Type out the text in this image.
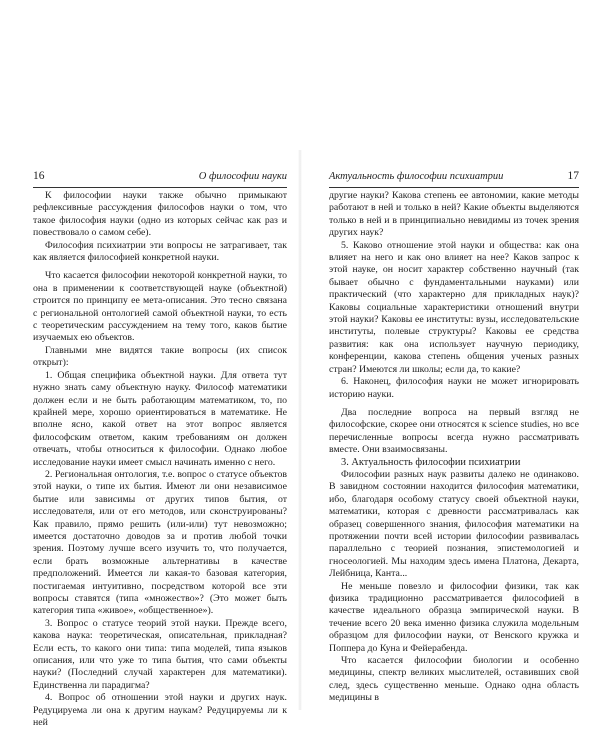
16	О философии науки

К философии науки также обычно примыкают рефлексивные рассуждения философов науки о том, что такое философия науки (одно из которых сейчас как раз и повествовало о самом себе).

Философия психиатрии эти вопросы не затрагивает, так как является философией конкретной науки.

Что касается философии некоторой конкретной науки, то она в применении к соответствующей науке (объектной) строится по принципу ее мета-описания. Это тесно связана с региональной онтологией самой объектной науки, то есть с теоретическим рассуждением на тему того, каков бытие изучаемых ею объектов.

Главными мне видятся такие вопросы (их список открыт):

1. Общая специфика объектной науки. Для ответа тут нужно знать саму объектную науку. Философ математики должен если и не быть работающим математиком, то, по крайней мере, хорошо ориентироваться в математике. Не вполне ясно, какой ответ на этот вопрос является философским ответом, каким требованиям он должен отвечать, чтобы относиться к философии. Однако любое исследование науки имеет смысл начинать именно с него.

2. Региональная онтология, т.е. вопрос о статусе объектов этой науки, о типе их бытия. Имеют ли они независимое бытие или зависимы от других типов бытия, от исследователя, или от его методов, или сконструированы? Как правило, прямо решить (или-или) тут невозможно; имеется достаточно доводов за и против любой точки зрения. Поэтому лучше всего изучить то, что получается, если брать возможные альтернативы в качестве предположений. Имеется ли какая-то базовая категория, постигаемая интуитивно, посредством которой все эти вопросы ставятся (типа «множество»? (Это может быть категория типа «живое», «общественное»).

3. Вопрос о статусе теорий этой науки. Прежде всего, какова наука: теоретическая, описательная, прикладная? Если есть, то какого они типа: типа моделей, типа языков описания, или что уже то типа бытия, что сами объекты науки? (Последний случай характерен для математики). Единственна ли парадигма?

4. Вопрос об отношении этой науки и других наук. Редуцируема ли она к другим наукам? Редуцируемы ли к ней

Актуальность философии психиатрии	17

другие науки? Какова степень ее автономии, какие методы работают в ней и только в ней? Какие объекты выделяются только в ней и в принципиально невидимы из точек зрения других наук?

5. Каково отношение этой науки и общества: как она влияет на него и как оно влияет на нее? Каков запрос к этой науке, он носит характер собственно научный (так бывает обычно с фундаментальными науками) или практический (что характерно для прикладных наук)? Каковы социальные характеристики отношений внутри этой науки? Каковы ее институты: вузы, исследовательские институты, полевые структуры? Каковы ее средства развития: как она использует научную периодику, конференции, какова степень общения ученых разных стран? Имеются ли школы; если да, то какие?

6. Наконец, философия науки не может игнорировать историю науки.

Два последние вопроса на первый взгляд не философские, скорее они относятся к science studies, но все перечисленные вопросы всегда нужно рассматривать вместе. Они взаимосвязаны.

3. Актуальность философии психиатрии

Философии разных наук развиты далеко не одинаково. В завидном состоянии находится философия математики, ибо, благодаря особому статусу своей объектной науки, математики, которая с древности рассматривалась как образец совершенного знания, философия математики на протяжении почти всей истории философии развивалась параллельно с теорией познания, эпистемологией и гносеологией. Мы находим здесь имена Платона, Декарта, Лейбница, Канта...

Не меньше повезло и философии физики, так как физика традиционно рассматривается философией в качестве идеального образца эмпирической науки. В течение всего 20 века именно физика служила модельным образцом для философии науки, от Венского кружка и Поппера до Куна и Фейерабенда.

Что касается философии биологии и особенно медицины, спектр великих мыслителей, оставивших свой след, здесь существенно меньше. Однако одна область медицины в
